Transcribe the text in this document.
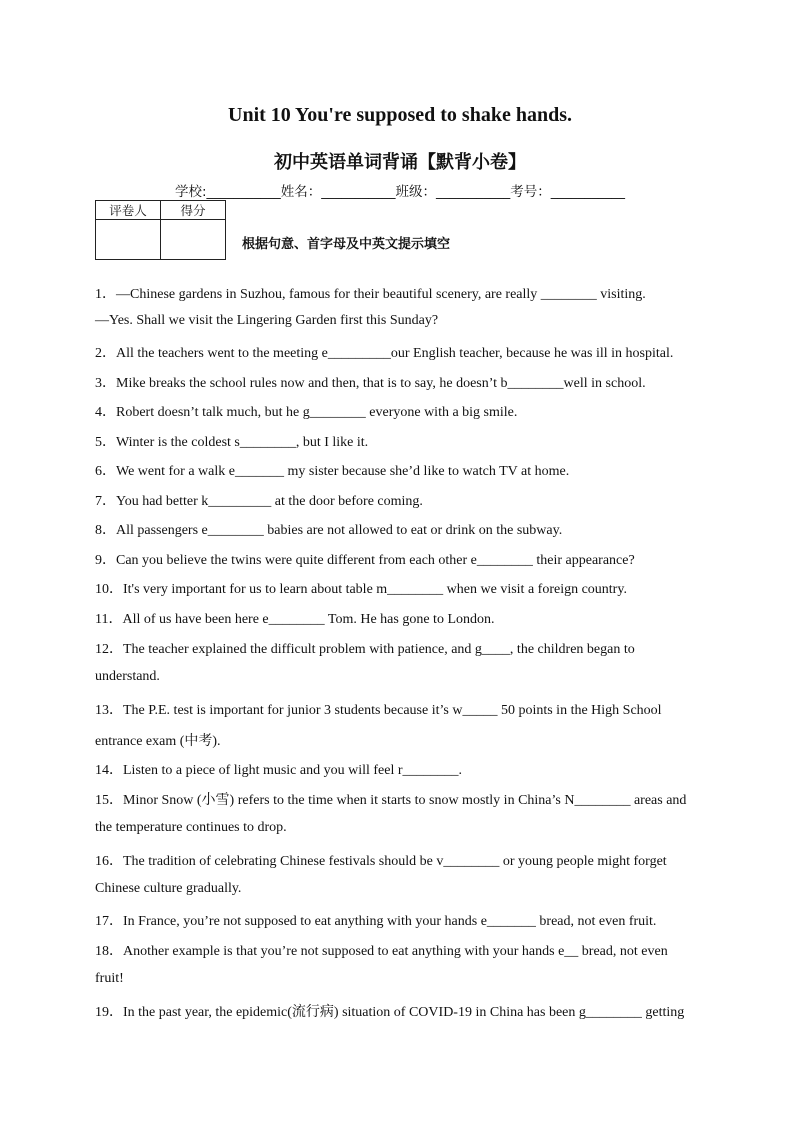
Unit 10 You're supposed to shake hands.
初中英语单词背诵【默背小卷】
学校:___________姓名：___________班级：___________考号：___________
评卷人	得分

根据句意、首字母及中英文提示填空
1．—Chinese gardens in Suzhou, famous for their beautiful scenery, are really ________ visiting.
—Yes. Shall we visit the Lingering Garden first this Sunday?
2．All the teachers went to the meeting e_________our English teacher, because he was ill in hospital.
3．Mike breaks the school rules now and then, that is to say, he doesn’t b________well in school.
4．Robert doesn’t talk much, but he g________ everyone with a big smile.
5．Winter is the coldest s________, but I like it.
6．We went for a walk e_______ my sister because she’d like to watch TV at home.
7．You had better k_________ at the door before coming.
8．All passengers e________ babies are not allowed to eat or drink on the subway.
9．Can you believe the twins were quite different from each other e________ their appearance?
10．It's very important for us to learn about table m________ when we visit a foreign country.
11．All of us have been here e________ Tom. He has gone to London.
12．The teacher explained the difficult problem with patience, and g____, the children began to
understand.
13．The P.E. test is important for junior 3 students because it’s w_____ 50 points in the High School
entrance exam (中考).
14．Listen to a piece of light music and you will feel r________.
15．Minor Snow (小雪) refers to the time when it starts to snow mostly in China’s N________ areas and
the temperature continues to drop.
16．The tradition of celebrating Chinese festivals should be v________ or young people might forget
Chinese culture gradually.
17．In France, you’re not supposed to eat anything with your hands e_______ bread, not even fruit.
18．Another example is that you’re not supposed to eat anything with your hands e__ bread, not even
fruit!
19．In the past year, the epidemic(流行病) situation of COVID-19 in China has been g________ getting
